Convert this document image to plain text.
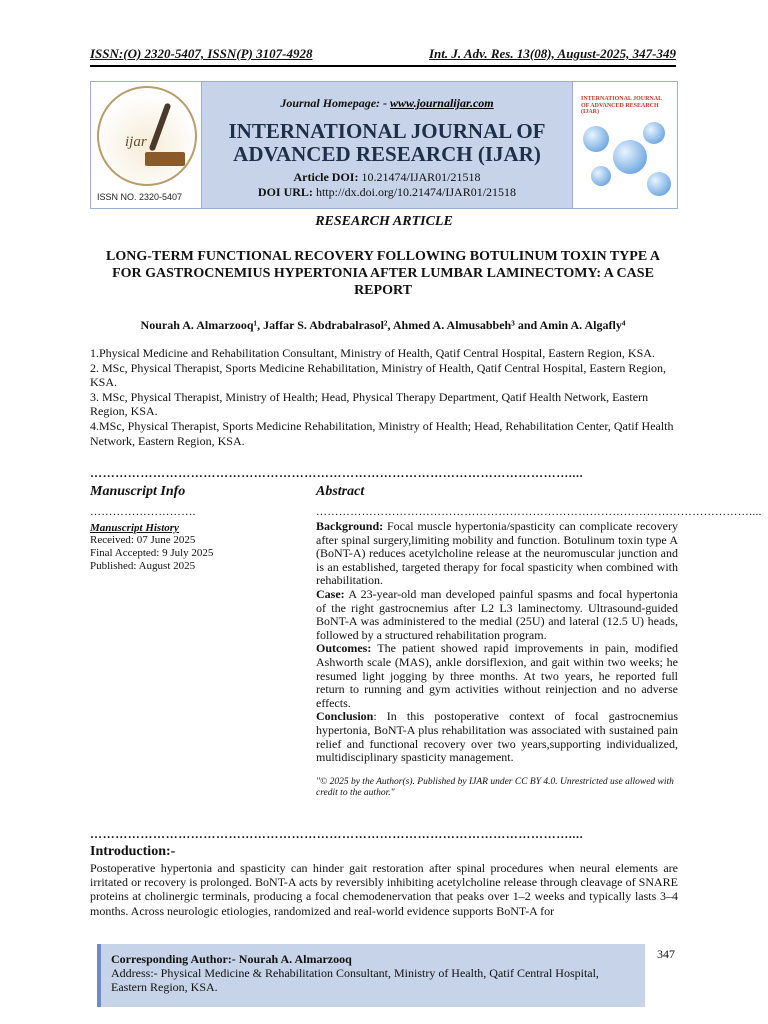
ISSN:(O) 2320-5407, ISSN(P) 3107-4928	Int. J. Adv. Res. 13(08), August-2025, 347-349
ijar
ISSN NO. 2320-5407
Journal Homepage: - www.journalijar.com
INTERNATIONAL JOURNAL OF
ADVANCED RESEARCH (IJAR)
Article DOI: 10.21474/IJAR01/21518
DOI URL: http://dx.doi.org/10.21474/IJAR01/21518
INTERNATIONAL JOURNAL OF ADVANCED RESEARCH (IJAR)
RESEARCH ARTICLE
LONG-TERM FUNCTIONAL RECOVERY FOLLOWING BOTULINUM TOXIN TYPE A FOR GASTROCNEMIUS HYPERTONIA AFTER LUMBAR LAMINECTOMY: A CASE REPORT
Nourah A. Almarzooq¹, Jaffar S. Abdrabalrasol², Ahmed A. Almusabbeh³ and Amin A. Algafly⁴

1.Physical Medicine and Rehabilitation Consultant, Ministry of Health, Qatif Central Hospital, Eastern Region, KSA.

2. MSc, Physical Therapist, Sports Medicine Rehabilitation, Ministry of Health, Qatif Central Hospital, Eastern Region, KSA.

3. MSc, Physical Therapist, Ministry of Health; Head, Physical Therapy Department, Qatif Health Network, Eastern Region, KSA.

4.MSc, Physical Therapist, Sports Medicine Rehabilitation, Ministry of Health; Head, Rehabilitation Center, Qatif Health Network, Eastern Region, KSA.

……………………………………………………………………………………………………....
Manuscript Info
……………………….
Manuscript History
Received: 07 June 2025
Final Accepted: 9 July 2025
Published: August 2025
Abstract
……………………………………………………………………………………………………....

Background: Focal muscle hypertonia/spasticity can complicate recovery after spinal surgery,limiting mobility and function. Botulinum toxin type A (BoNT-A) reduces acetylcholine release at the neuromuscular junction and is an established, targeted therapy for focal spasticity when combined with rehabilitation.

Case: A 23-year-old man developed painful spasms and focal hypertonia of the right gastrocnemius after L2 L3 laminectomy. Ultrasound-guided BoNT-A was administered to the medial (25U) and lateral (12.5 U) heads, followed by a structured rehabilitation program.

Outcomes: The patient showed rapid improvements in pain, modified Ashworth scale (MAS), ankle dorsiflexion, and gait within two weeks; he resumed light jogging by three months. At two years, he reported full return to running and gym activities without reinjection and no adverse effects.

Conclusion: In this postoperative context of focal gastrocnemius hypertonia, BoNT-A plus rehabilitation was associated with sustained pain relief and functional recovery over two years,supporting individualized, multidisciplinary spasticity management.

"© 2025 by the Author(s). Published by IJAR under CC BY 4.0. Unrestricted use allowed with credit to the author."
……………………………………………………………………………………………………....
Introduction:-
Postoperative hypertonia and spasticity can hinder gait restoration after spinal procedures when neural elements are irritated or recovery is prolonged. BoNT-A acts by reversibly inhibiting acetylcholine release through cleavage of SNARE proteins at cholinergic terminals, producing a focal chemodenervation that peaks over 1–2 weeks and typically lasts 3–4 months. Across neurologic etiologies, randomized and real-world evidence supports BoNT-A for
Corresponding Author:- Nourah A. Almarzooq
Address:- Physical Medicine & Rehabilitation Consultant, Ministry of Health, Qatif Central Hospital, Eastern Region, KSA.
347
